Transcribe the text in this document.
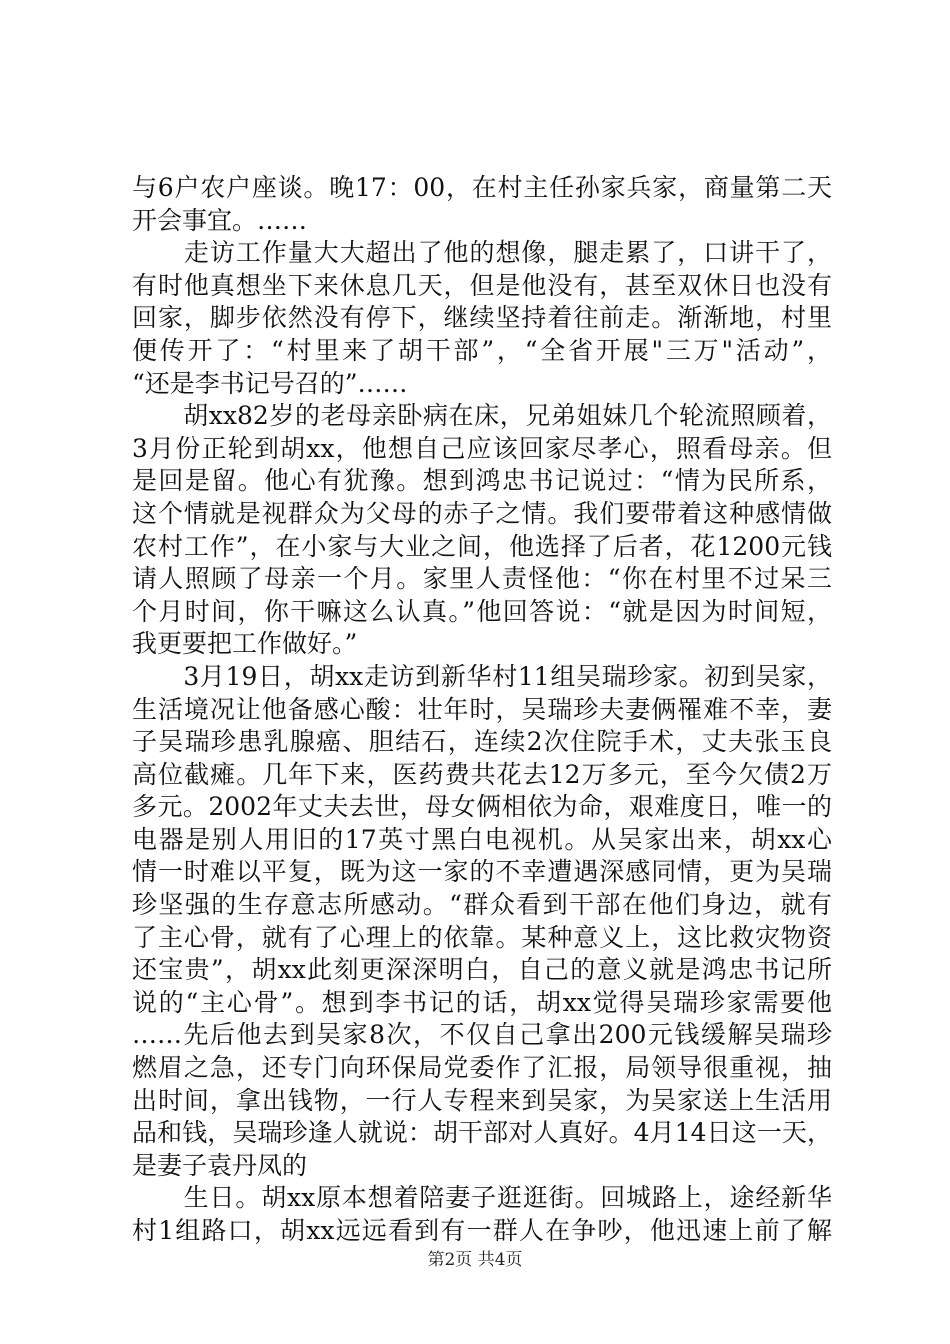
与6户农户座谈。晚17：00，在村主任孙家兵家，商量第二天
开会事宜。……
　　走访工作量大大超出了他的想像，腿走累了，口讲干了，
有时他真想坐下来休息几天，但是他没有，甚至双休日也没有
回家，脚步依然没有停下，继续坚持着往前走。渐渐地，村里
便传开了：“村里来了胡干部”，“全省开展"三万"活动”，
“还是李书记号召的”……
　　胡xx82岁的老母亲卧病在床，兄弟姐妹几个轮流照顾着，
3月份正轮到胡xx，他想自己应该回家尽孝心，照看母亲。但
是回是留。他心有犹豫。想到鸿忠书记说过：“情为民所系，
这个情就是视群众为父母的赤子之情。我们要带着这种感情做
农村工作”，在小家与大业之间，他选择了后者，花1200元钱
请人照顾了母亲一个月。家里人责怪他：“你在村里不过呆三
个月时间，你干嘛这么认真。”他回答说：“就是因为时间短，
我更要把工作做好。”
　　3月19日，胡xx走访到新华村11组吴瑞珍家。初到吴家，
生活境况让他备感心酸：壮年时，吴瑞珍夫妻俩罹难不幸，妻
子吴瑞珍患乳腺癌、胆结石，连续2次住院手术，丈夫张玉良
高位截瘫。几年下来，医药费共花去12万多元，至今欠债2万
多元。2002年丈夫去世，母女俩相依为命，艰难度日，唯一的
电器是别人用旧的17英寸黑白电视机。从吴家出来，胡xx心
情一时难以平复，既为这一家的不幸遭遇深感同情，更为吴瑞
珍坚强的生存意志所感动。“群众看到干部在他们身边，就有
了主心骨，就有了心理上的依靠。某种意义上，这比救灾物资
还宝贵”，胡xx此刻更深深明白，自己的意义就是鸿忠书记所
说的“主心骨”。想到李书记的话，胡xx觉得吴瑞珍家需要他
……先后他去到吴家8次，不仅自己拿出200元钱缓解吴瑞珍
燃眉之急，还专门向环保局党委作了汇报，局领导很重视，抽
出时间，拿出钱物，一行人专程来到吴家，为吴家送上生活用
品和钱，吴瑞珍逢人就说：胡干部对人真好。4月14日这一天，
是妻子袁丹凤的
　　生日。胡xx原本想着陪妻子逛逛街。回城路上，途经新华
村1组路口，胡xx远远看到有一群人在争吵，他迅速上前了解
第2页 共4页
